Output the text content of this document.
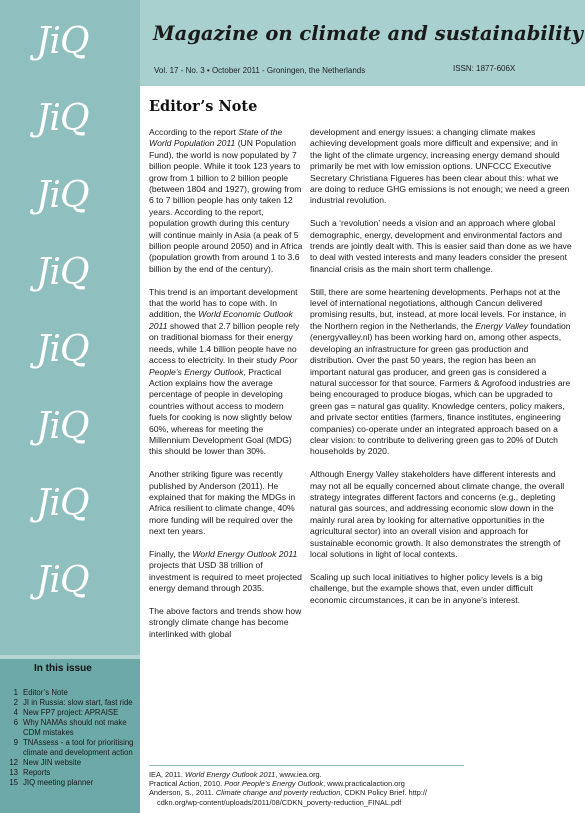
JiQ
JiQ
JiQ
JiQ
JiQ
JiQ
JiQ
JiQ
In this issue
1 Editor’s Note
2 JI in Russia: slow start, fast ride
4 New FP7 project: APRAISE
6 Why NAMAs should not make CDM mistakes
9 TNAssess - a tool for prioritising climate and development action
12 New JIN website
13 Reports
15 JIQ meeting planner
Magazine on climate and sustainability
Vol. 17 - No. 3 • October 2011 - Groningen, the Netherlands	ISSN: 1877-606X
Editor’s Note

According to the report State of the World Population 2011 (UN Population Fund), the world is now populated by 7 billion people. While it took 123 years to grow from 1 billion to 2 billion people (between 1804 and 1927), growing from 6 to 7 billion people has only taken 12 years. According to the report, population growth during this century will continue mainly in Asia (a peak of 5 billion people around 2050) and in Africa (population growth from around 1 to 3.6 billion by the end of the century).

This trend is an important development that the world has to cope with. In addition, the World Economic Outlook 2011 showed that 2.7 billion people rely on traditional biomass for their energy needs, while 1.4 billion people have no access to electricity. In their study Poor People’s Energy Outlook, Practical Action explains how the average percentage of people in developing countries without access to modern fuels for cooking is now slightly below 60%, whereas for meeting the Millennium Development Goal (MDG) this should be lower than 30%.

Another striking figure was recently published by Anderson (2011). He explained that for making the MDGs in Africa resilient to climate change, 40% more funding will be required over the next ten years.

Finally, the World Energy Outlook 2011 projects that USD 38 trillion of investment is required to meet projected energy demand through 2035.

The above factors and trends show how strongly climate change has become interlinked with global

development and energy issues: a changing climate makes achieving development goals more difficult and expensive; and in the light of the climate urgency, increasing energy demand should primarily be met with low emission options. UNFCCC Executive Secretary Christiana Figueres has been clear about this: what we are doing to reduce GHG emissions is not enough; we need a green industrial revolution.

Such a ‘revolution’ needs a vision and an approach where global demographic, energy, development and environmental factors and trends are jointly dealt with. This is easier said than done as we have to deal with vested interests and many leaders consider the present financial crisis as the main short term challenge.

Still, there are some heartening developments. Perhaps not at the level of international negotiations, although Cancun delivered promising results, but, instead, at more local levels. For instance, in the Northern region in the Netherlands, the Energy Valley foundation (energyvalley.nl) has been working hard on, among other aspects, developing an infrastructure for green gas production and distribution. Over the past 50 years, the region has been an important natural gas producer, and green gas is considered a natural successor for that source. Farmers & Agrofood industries are being encouraged to produce biogas, which can be upgraded to green gas = natural gas quality. Knowledge centers, policy makers, and private sector entities (farmers, finance institutes, engineering companies) co-operate under an integrated approach based on a clear vision: to contribute to delivering green gas to 20% of Dutch households by 2020.

Although Energy Valley stakeholders have different interests and may not all be equally concerned about climate change, the overall strategy integrates different factors and concerns (e.g., depleting natural gas sources, and addressing economic slow down in the mainly rural area by looking for alternative opportunities in the agricultural sector) into an overall vision and approach for sustainable economic growth. It also demonstrates the strength of local solutions in light of local contexts.

Scaling up such local initiatives to higher policy levels is a big challenge, but the example shows that, even under difficult economic circumstances, it can be in anyone’s interest.

IEA, 2011. World Energy Outlook 2011, www.iea.org.
Practical Action, 2010. Poor People’s Energy Outlook, www.practicalaction.org
Anderson, S., 2011. Climate change and poverty reduction, CDKN Policy Brief. http://
cdkn.org/wp-content/uploads/2011/08/CDKN_poverty-reduction_FINAL.pdf
